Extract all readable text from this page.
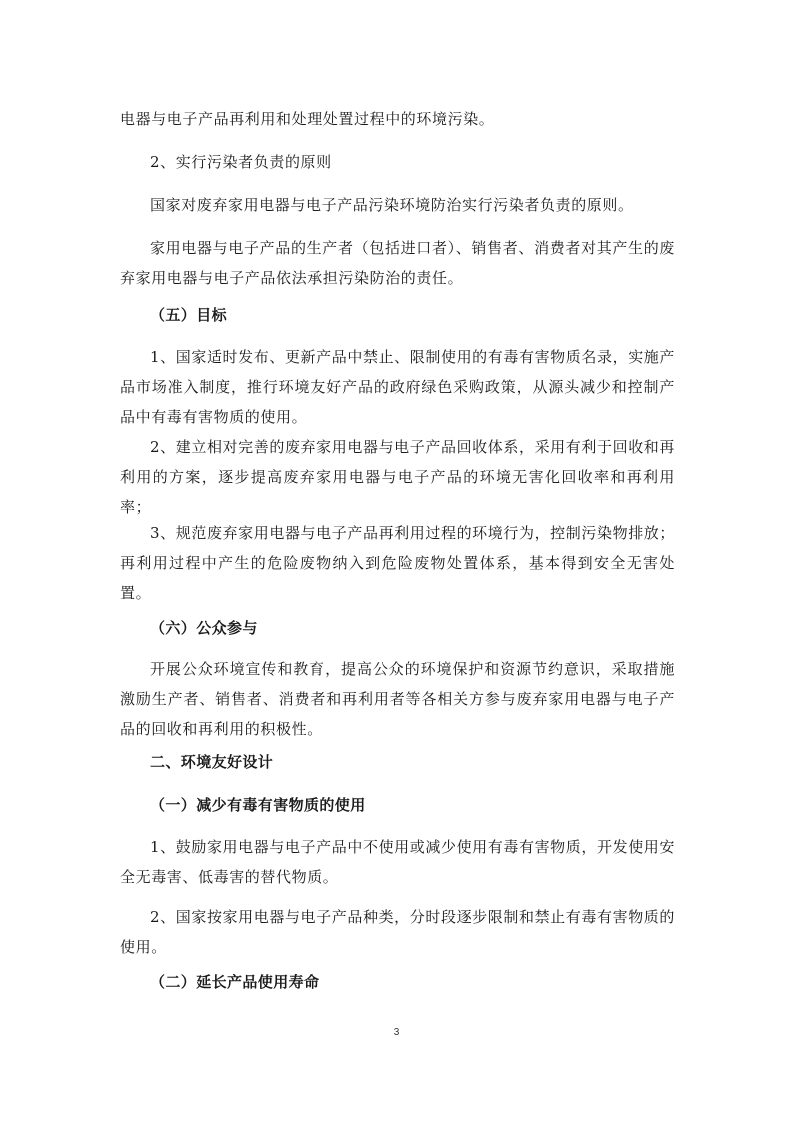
电器与电子产品再利用和处理处置过程中的环境污染。

2、实行污染者负责的原则

国家对废弃家用电器与电子产品污染环境防治实行污染者负责的原则。

家用电器与电子产品的生产者（包括进口者）、销售者、消费者对其产生的废弃家用电器与电子产品依法承担污染防治的责任。

（五）目标

1、国家适时发布、更新产品中禁止、限制使用的有毒有害物质名录，实施产品市场准入制度，推行环境友好产品的政府绿色采购政策，从源头减少和控制产品中有毒有害物质的使用。

2、建立相对完善的废弃家用电器与电子产品回收体系，采用有利于回收和再利用的方案，逐步提高废弃家用电器与电子产品的环境无害化回收率和再利用率；

3、规范废弃家用电器与电子产品再利用过程的环境行为，控制污染物排放；再利用过程中产生的危险废物纳入到危险废物处置体系，基本得到安全无害处置。

（六）公众参与

开展公众环境宣传和教育，提高公众的环境保护和资源节约意识，采取措施激励生产者、销售者、消费者和再利用者等各相关方参与废弃家用电器与电子产品的回收和再利用的积极性。

二、环境友好设计

（一）减少有毒有害物质的使用

1、鼓励家用电器与电子产品中不使用或减少使用有毒有害物质，开发使用安全无毒害、低毒害的替代物质。

2、国家按家用电器与电子产品种类，分时段逐步限制和禁止有毒有害物质的使用。

（二）延长产品使用寿命

3
